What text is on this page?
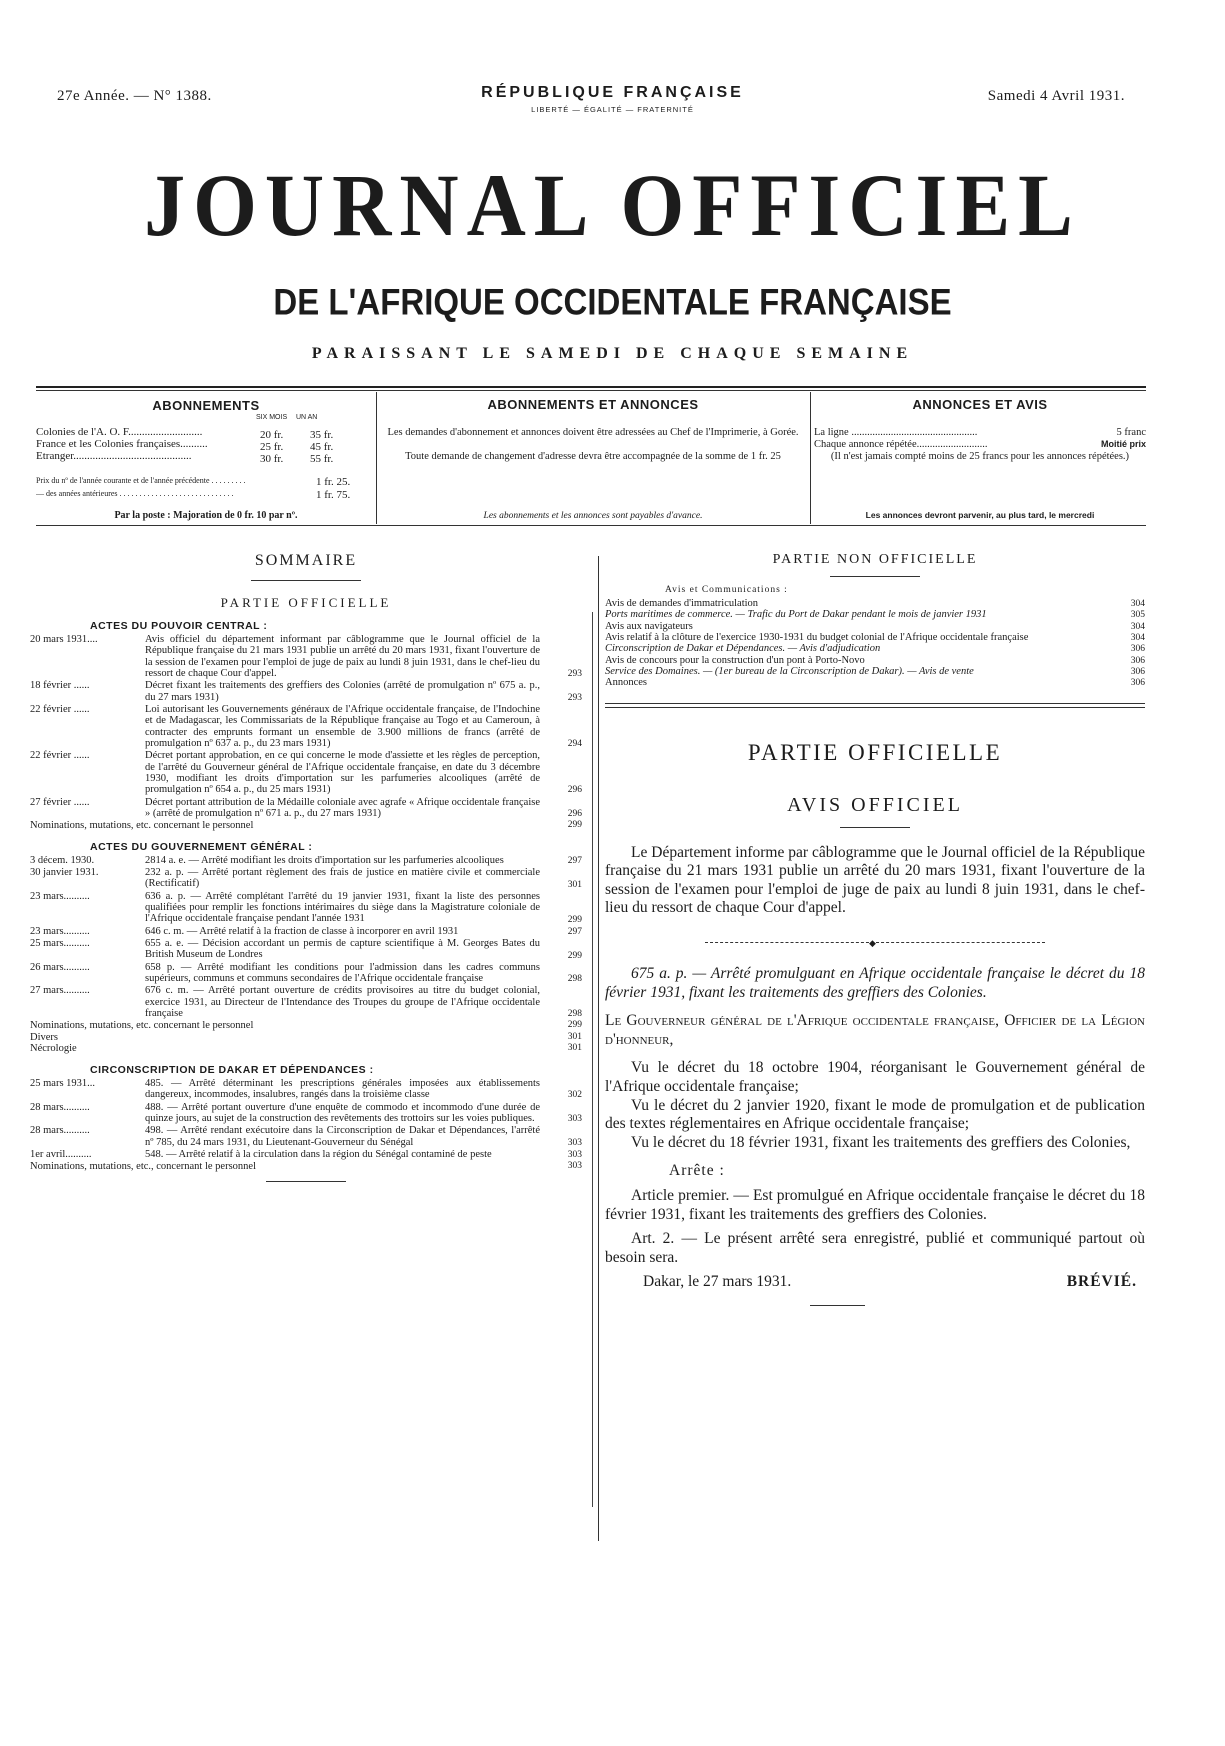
27e Année. — N° 1388.	RÉPUBLIQUE FRANÇAISE
LIBERTÉ — ÉGALITÉ — FRATERNITÉ
Samedi 4 Avril 1931.
JOURNAL OFFICIEL
DE L'AFRIQUE OCCIDENTALE FRANÇAISE
PARAISSANT LE SAMEDI DE CHAQUE SEMAINE
ABONNEMENTS
SIX MOIS UN AN
Colonies de l'A. O. F...........................	20 fr. 35 fr.
France et les Colonies françaises..........	25 fr. 45 fr.
Etranger...........................................	30 fr. 55 fr.
Prix du nº de l'année courante et de l'année précédente . . . . . . . . .	1 fr. 25.
— des années antérieures . . . . . . . . . . . . . . . . . . . . . . . . . . . . .	1 fr. 75.
Par la poste : Majoration de 0 fr. 10 par nº.
ABONNEMENTS ET ANNONCES
Les demandes d'abonnement et annonces doivent être adressées au Chef de l'Imprimerie, à Gorée.
Toute demande de changement d'adresse devra être accompagnée de la somme de 1 fr. 25
Les abonnements et les annonces sont payables d'avance.
ANNONCES ET AVIS
La ligne ................................................	5 franc
Chaque annonce répétée...........................	Moitié prix
(Il n'est jamais compté moins de 25 francs pour les annonces répétées.)
Les annonces devront parvenir, au plus tard, le mercredi
SOMMAIRE
PARTIE OFFICIELLE
ACTES DU POUVOIR CENTRAL :
20 mars 1931....	Avis officiel du département informant par câblogramme que le Journal officiel de la République française du 21 mars 1931 publie un arrêté du 20 mars 1931, fixant l'ouverture de la session de l'examen pour l'emploi de juge de paix au lundi 8 juin 1931, dans le chef-lieu du ressort de chaque Cour d'appel.	293
18 février ......	Décret fixant les traitements des greffiers des Colonies (arrêté de promulgation nº 675 a. p., du 27 mars 1931)	293
22 février ......	Loi autorisant les Gouvernements généraux de l'Afrique occidentale française, de l'Indochine et de Madagascar, les Commissariats de la République française au Togo et au Cameroun, à contracter des emprunts formant un ensemble de 3.900 millions de francs (arrêté de promulgation nº 637 a. p., du 23 mars 1931)	294
22 février ......	Décret portant approbation, en ce qui concerne le mode d'assiette et les règles de perception, de l'arrêté du Gouverneur général de l'Afrique occidentale française, en date du 3 décembre 1930, modifiant les droits d'importation sur les parfumeries alcooliques (arrêté de promulgation nº 654 a. p., du 25 mars 1931)	296
27 février ......	Décret portant attribution de la Médaille coloniale avec agrafe « Afrique occidentale française » (arrêté de promulgation nº 671 a. p., du 27 mars 1931)	296
Nominations, mutations, etc. concernant le personnel	299
ACTES DU GOUVERNEMENT GÉNÉRAL :
3 décem. 1930.	2814 a. e. — Arrêté modifiant les droits d'importation sur les parfumeries alcooliques	297
30 janvier 1931.	232 a. p. — Arrêté portant règlement des frais de justice en matière civile et commerciale (Rectificatif)	301
23 mars..........	636 a. p. — Arrêté complétant l'arrêté du 19 janvier 1931, fixant la liste des personnes qualifiées pour remplir les fonctions intérimaires du siège dans la Magistrature coloniale de l'Afrique occidentale française pendant l'année 1931	299
23 mars..........	646 c. m. — Arrêté relatif à la fraction de classe à incorporer en avril 1931	297
25 mars..........	655 a. e. — Décision accordant un permis de capture scientifique à M. Georges Bates du British Museum de Londres	299
26 mars..........	658 p. — Arrêté modifiant les conditions pour l'admission dans les cadres communs supérieurs, communs et communs secondaires de l'Afrique occidentale française	298
27 mars..........	676 c. m. — Arrêté portant ouverture de crédits provisoires au titre du budget colonial, exercice 1931, au Directeur de l'Intendance des Troupes du groupe de l'Afrique occidentale française	298
Nominations, mutations, etc. concernant le personnel	299
Divers	301
Nécrologie	301
CIRCONSCRIPTION DE DAKAR ET DÉPENDANCES :
25 mars 1931...	485. — Arrêté déterminant les prescriptions générales imposées aux établissements dangereux, incommodes, insalubres, rangés dans la troisième classe	302
28 mars..........	488. — Arrêté portant ouverture d'une enquête de commodo et incommodo d'une durée de quinze jours, au sujet de la construction des revêtements des trottoirs sur les voies publiques.	303
28 mars..........	498. — Arrêté rendant exécutoire dans la Circonscription de Dakar et Dépendances, l'arrêté nº 785, du 24 mars 1931, du Lieutenant-Gouverneur du Sénégal	303
1er avril..........	548. — Arrêté relatif à la circulation dans la région du Sénégal contaminé de peste	303
Nominations, mutations, etc., concernant le personnel	303
PARTIE NON OFFICIELLE
Avis et Communications :
Avis de demandes d'immatriculation	304
Ports maritimes de commerce. — Trafic du Port de Dakar pendant le mois de janvier 1931	305
Avis aux navigateurs	304
Avis relatif à la clôture de l'exercice 1930-1931 du budget colonial de l'Afrique occidentale française	304
Circonscription de Dakar et Dépendances. — Avis d'adjudication	306
Avis de concours pour la construction d'un pont à Porto-Novo	306
Service des Domaines. — (1er bureau de la Circonscription de Dakar). — Avis de vente	306
Annonces	306
PARTIE OFFICIELLE
AVIS OFFICIEL
Le Département informe par câblogramme que le Journal officiel de la République française du 21 mars 1931 publie un arrêté du 20 mars 1931, fixant l'ouverture de la session de l'examen pour l'emploi de juge de paix au lundi 8 juin 1931, dans le chef-lieu du ressort de chaque Cour d'appel.
◆
675 a. p. — Arrêté promulguant en Afrique occidentale française le décret du 18 février 1931, fixant les traitements des greffiers des Colonies.
Le Gouverneur général de l'Afrique occidentale française, Officier de la Légion d'honneur,
Vu le décret du 18 octobre 1904, réorganisant le Gouvernement général de l'Afrique occidentale française;
Vu le décret du 2 janvier 1920, fixant le mode de promulgation et de publication des textes réglementaires en Afrique occidentale française;
Vu le décret du 18 février 1931, fixant les traitements des greffiers des Colonies,
Arrête :
Article premier. — Est promulgué en Afrique occidentale française le décret du 18 février 1931, fixant les traitements des greffiers des Colonies.
Art. 2. — Le présent arrêté sera enregistré, publié et communiqué partout où besoin sera.
Dakar, le 27 mars 1931.	BRÉVIÉ.
